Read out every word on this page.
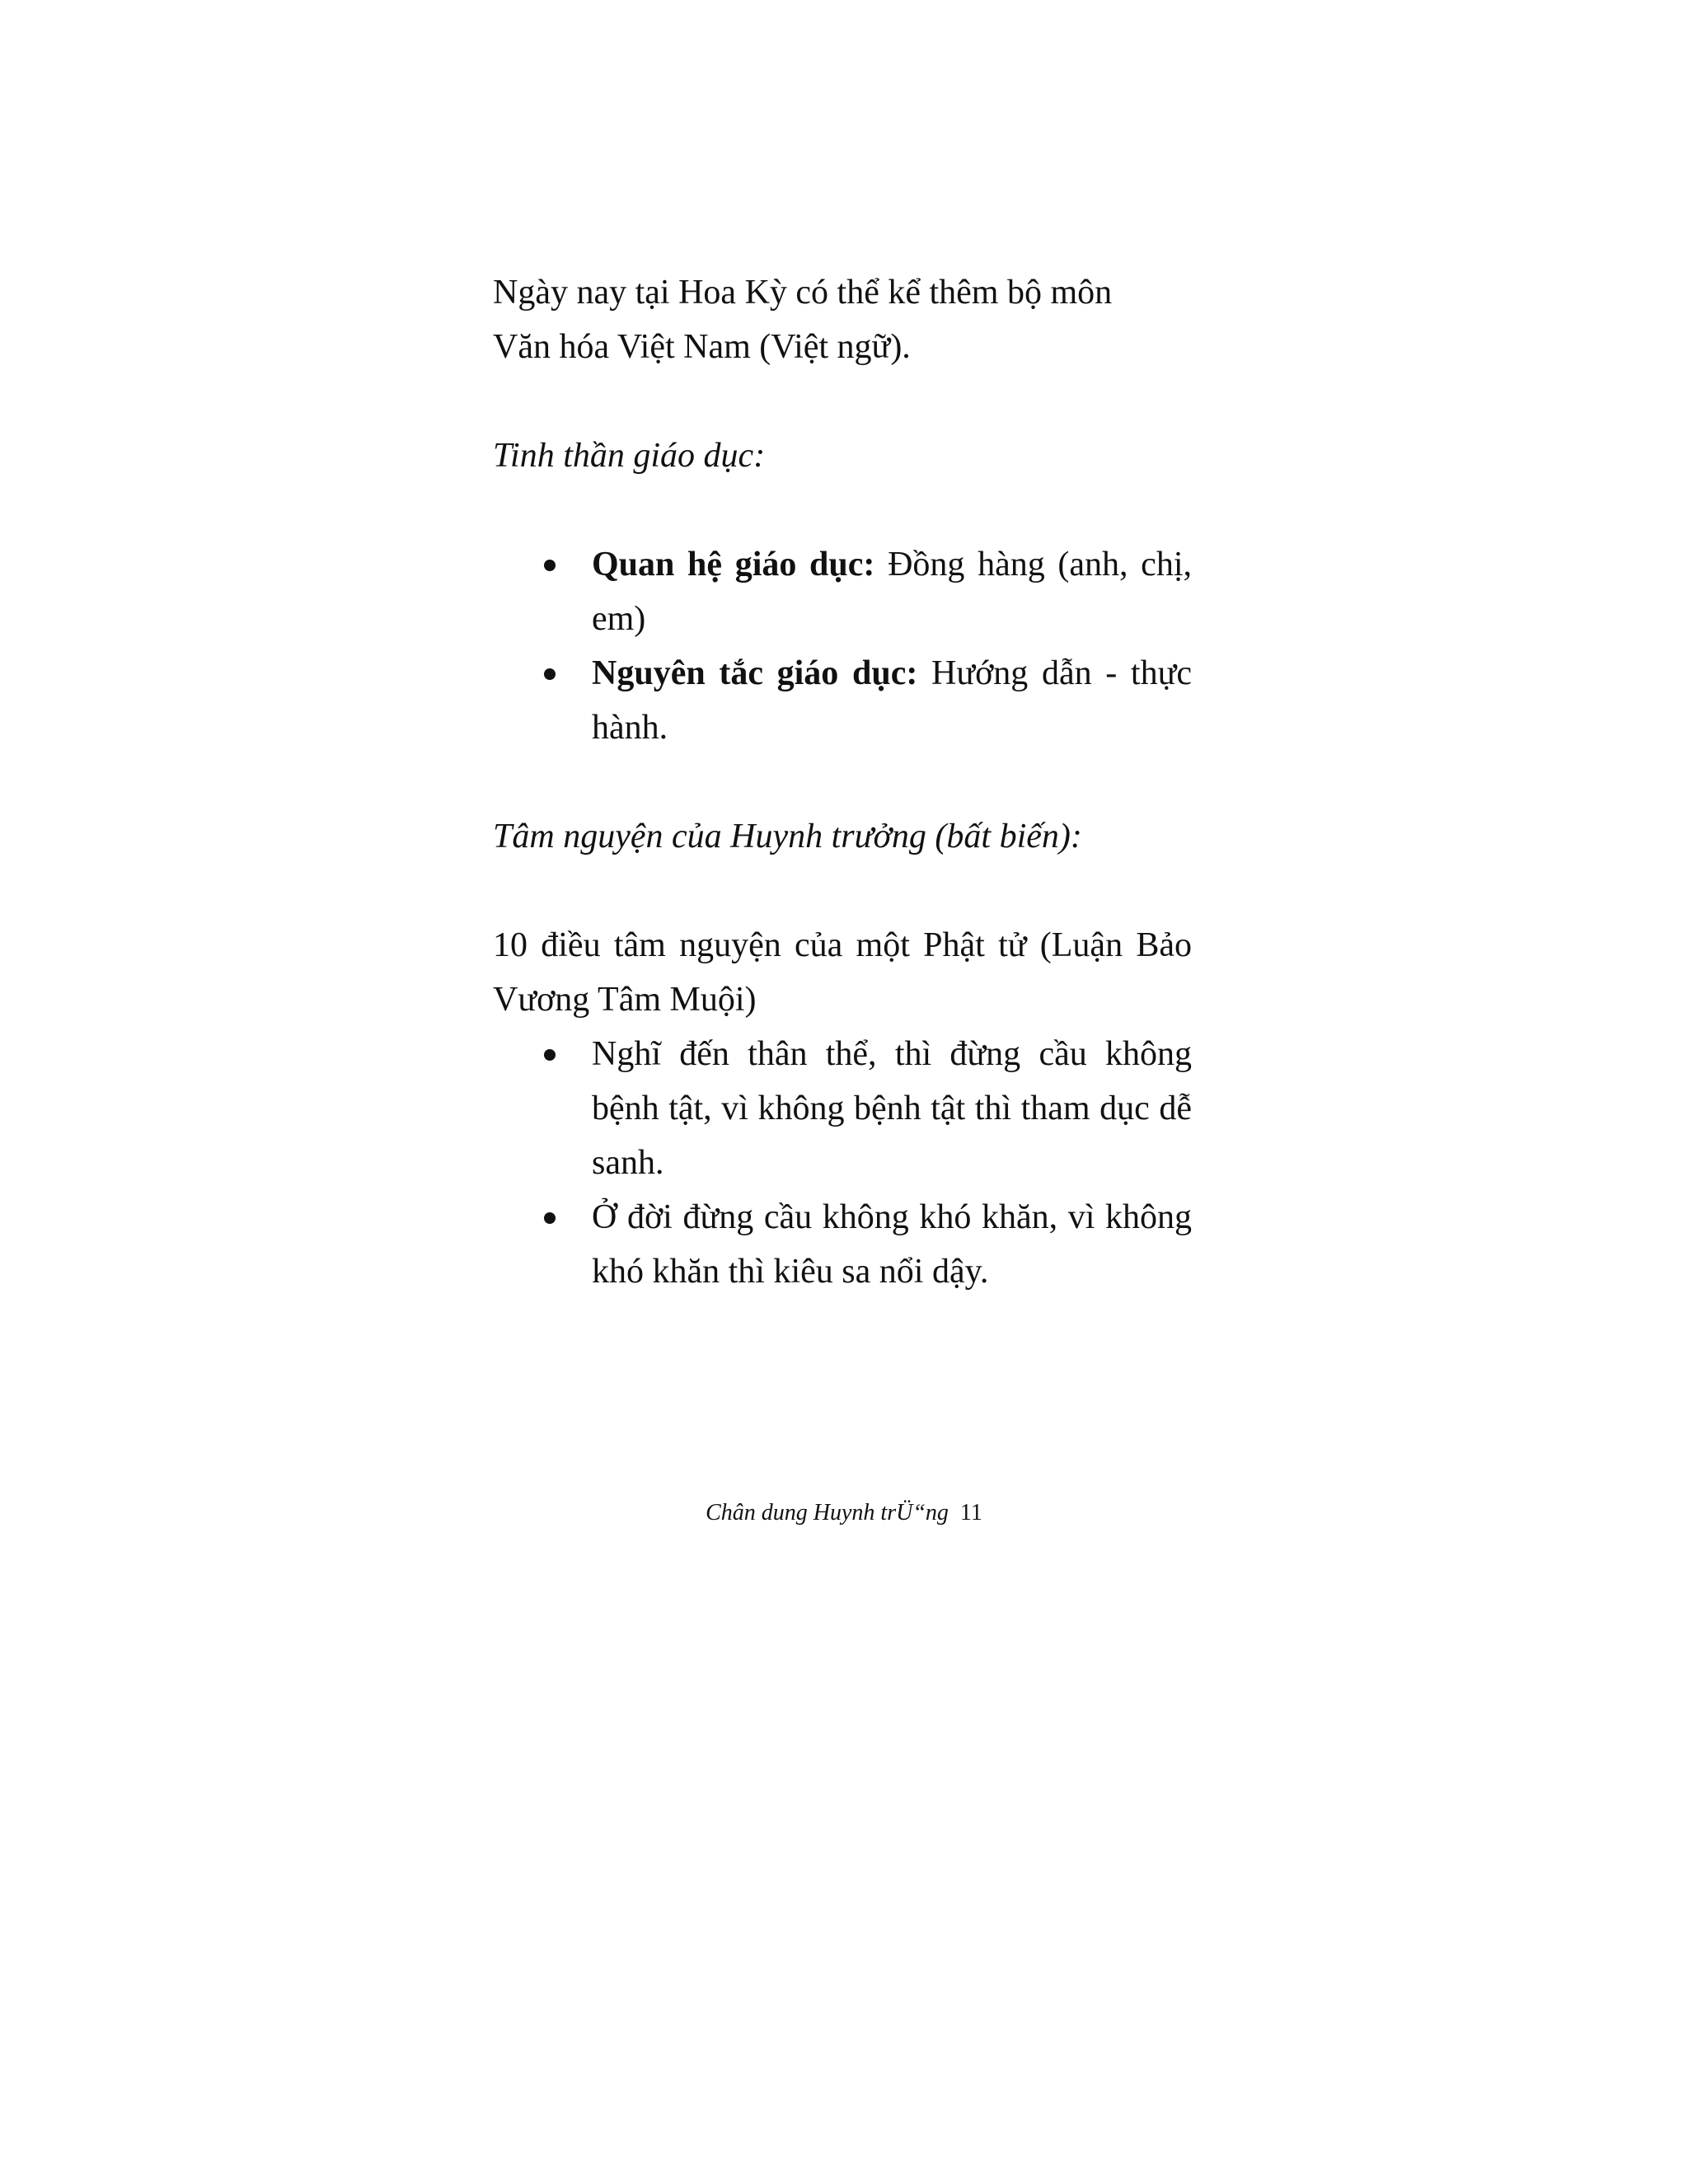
Ngày nay tại Hoa Kỳ có thể kể thêm bộ môn
Văn hóa Việt Nam (Việt ngữ).

Tinh thần giáo dục:

Quan hệ giáo dục: Đồng hàng (anh, chị, em)
Nguyên tắc giáo dục: Hướng dẫn - thực hành.

Tâm nguyện của Huynh trưởng (bất biến):

10 điều tâm nguyện của một Phật tử (Luận Bảo Vương Tâm Muội)

Nghĩ đến thân thể, thì đừng cầu không bệnh tật, vì không bệnh tật thì tham dục dễ sanh.
Ở đời đừng cầu không khó khăn, vì không khó khăn thì kiêu sa nổi dậy.
Chân dung Huynh trÜ“ng 11
